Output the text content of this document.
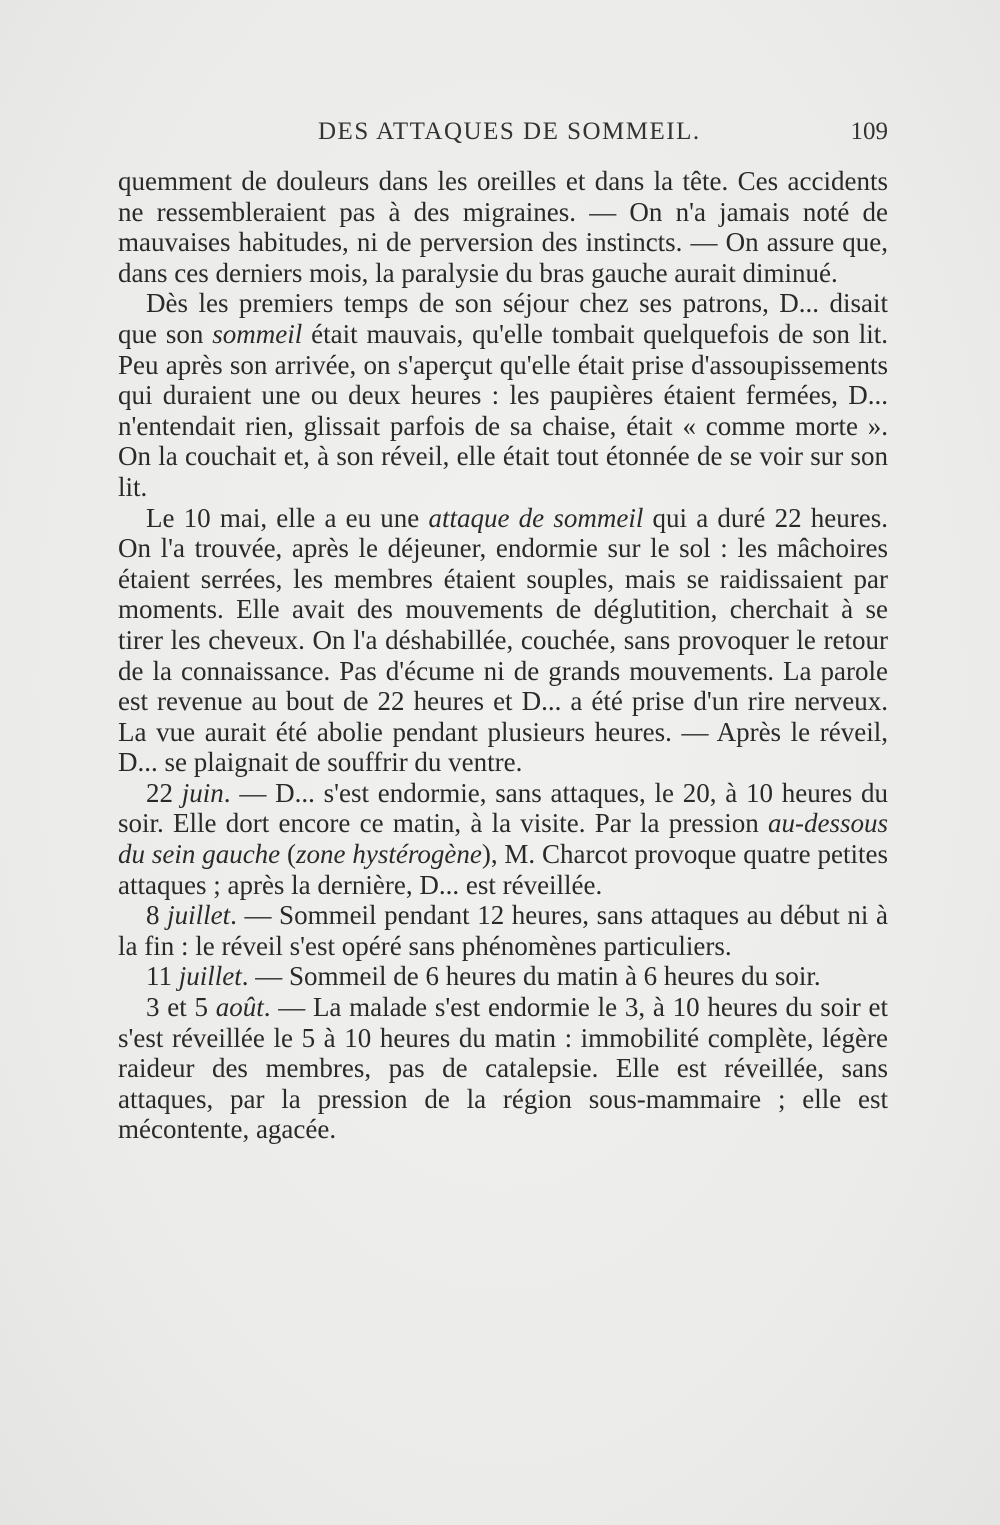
DES ATTAQUES DE SOMMEIL.	109

quemment de douleurs dans les oreilles et dans la tête. Ces accidents ne ressembleraient pas à des migraines. — On n'a jamais noté de mauvaises habitudes, ni de perversion des instincts. — On assure que, dans ces derniers mois, la paralysie du bras gauche aurait diminué.

Dès les premiers temps de son séjour chez ses patrons, D... disait que son sommeil était mauvais, qu'elle tombait quelquefois de son lit. Peu après son arrivée, on s'aperçut qu'elle était prise d'assoupissements qui duraient une ou deux heures : les paupières étaient fermées, D... n'entendait rien, glissait parfois de sa chaise, était « comme morte ». On la couchait et, à son réveil, elle était tout étonnée de se voir sur son lit.

Le 10 mai, elle a eu une attaque de sommeil qui a duré 22 heures. On l'a trouvée, après le déjeuner, endormie sur le sol : les mâchoires étaient serrées, les membres étaient souples, mais se raidissaient par moments. Elle avait des mouvements de déglutition, cherchait à se tirer les cheveux. On l'a déshabillée, couchée, sans provoquer le retour de la connaissance. Pas d'écume ni de grands mouvements. La parole est revenue au bout de 22 heures et D... a été prise d'un rire nerveux. La vue aurait été abolie pendant plusieurs heures. — Après le réveil, D... se plaignait de souffrir du ventre.

22 juin. — D... s'est endormie, sans attaques, le 20, à 10 heures du soir. Elle dort encore ce matin, à la visite. Par la pression au-dessous du sein gauche (zone hystérogène), M. Charcot provoque quatre petites attaques ; après la dernière, D... est réveillée.

8 juillet. — Sommeil pendant 12 heures, sans attaques au début ni à la fin : le réveil s'est opéré sans phénomènes particuliers.

11 juillet. — Sommeil de 6 heures du matin à 6 heures du soir.

3 et 5 août. — La malade s'est endormie le 3, à 10 heures du soir et s'est réveillée le 5 à 10 heures du matin : immobilité complète, légère raideur des membres, pas de catalepsie. Elle est réveillée, sans attaques, par la pression de la région sous-mammaire ; elle est mécontente, agacée.
